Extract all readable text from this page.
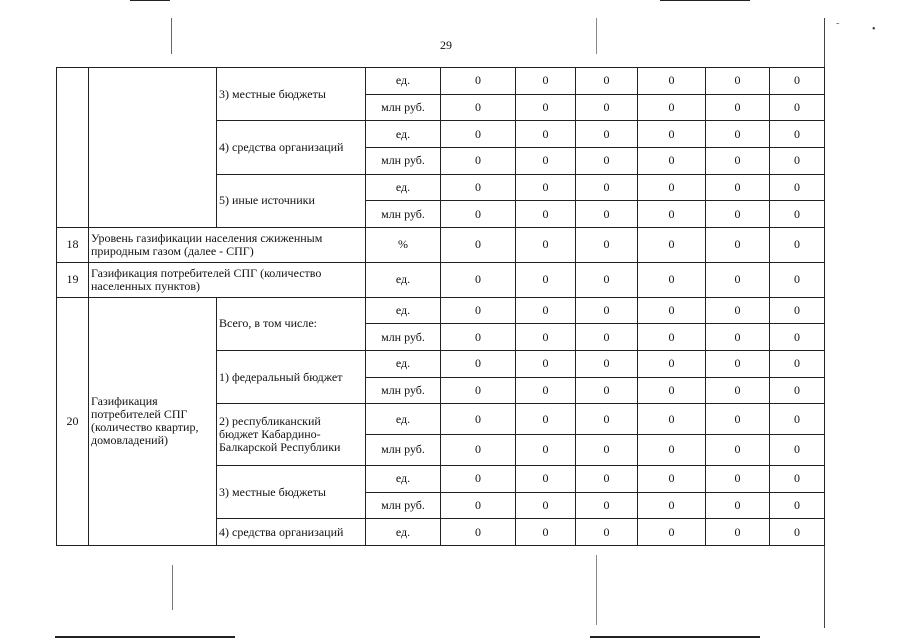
˜	•
29
		3) местные бюджеты	ед.	0	0	0	0	0	0
			млн руб.	0	0	0	0	0	0
		4) средства организаций	ед.	0	0	0	0	0	0
			млн руб.	0	0	0	0	0	0
		5) иные источники	ед.	0	0	0	0	0	0
			млн руб.	0	0	0	0	0	0
18	Уровень газификации населения сжиженным природным газом (далее - СПГ)		%	0	0	0	0	0	0
19	Газификация потребителей СПГ (количество населенных пунктов)		ед.	0	0	0	0	0	0
20	Газификация потребителей СПГ (количество квартир, домовладений)	Всего, в том числе:	ед.	0	0	0	0	0	0
			млн руб.	0	0	0	0	0	0
		1) федеральный бюджет	ед.	0	0	0	0	0	0
			млн руб.	0	0	0	0	0	0
		2) республиканский бюджет Кабардино-Балкарской Республики	ед.	0	0	0	0	0	0
			млн руб.	0	0	0	0	0	0
		3) местные бюджеты	ед.	0	0	0	0	0	0
			млн руб.	0	0	0	0	0	0
		4) средства организаций	ед.	0	0	0	0	0	0
